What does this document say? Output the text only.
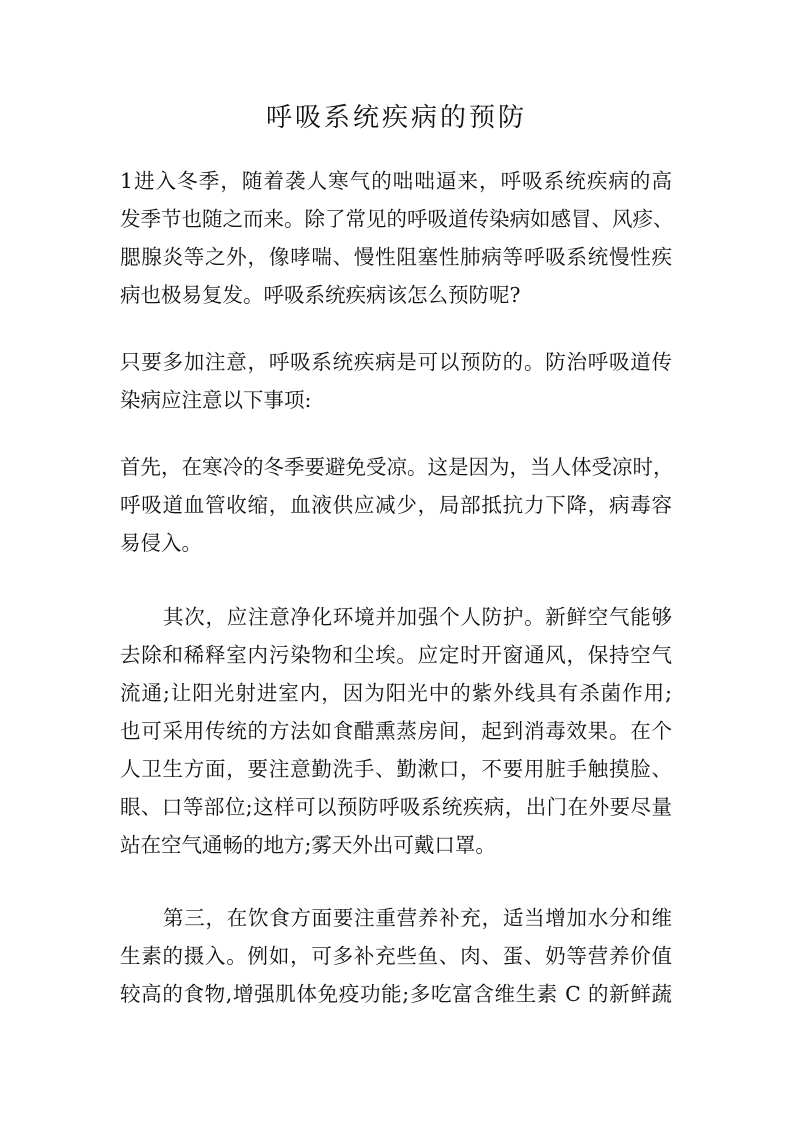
呼吸系统疾病的预防
1进入冬季，随着袭人寒气的咄咄逼来，呼吸系统疾病的高
发季节也随之而来。除了常见的呼吸道传染病如感冒、风疹、
腮腺炎等之外，像哮喘、慢性阻塞性肺病等呼吸系统慢性疾
病也极易复发。呼吸系统疾病该怎么预防呢?
只要多加注意，呼吸系统疾病是可以预防的。防治呼吸道传
染病应注意以下事项:
首先，在寒冷的冬季要避免受凉。这是因为，当人体受凉时，
呼吸道血管收缩，血液供应减少，局部抵抗力下降，病毒容
易侵入。
其次，应注意净化环境并加强个人防护。新鲜空气能够
去除和稀释室内污染物和尘埃。应定时开窗通风，保持空气
流通;让阳光射进室内，因为阳光中的紫外线具有杀菌作用;
也可采用传统的方法如食醋熏蒸房间，起到消毒效果。在个
人卫生方面，要注意勤洗手、勤漱口，不要用脏手触摸脸、
眼、口等部位;这样可以预防呼吸系统疾病，出门在外要尽量
站在空气通畅的地方;雾天外出可戴口罩。
第三，在饮食方面要注重营养补充，适当增加水分和维
生素的摄入。例如，可多补充些鱼、肉、蛋、奶等营养价值
较高的食物,增强肌体免疫功能;多吃富含维生素 C 的新鲜蔬
